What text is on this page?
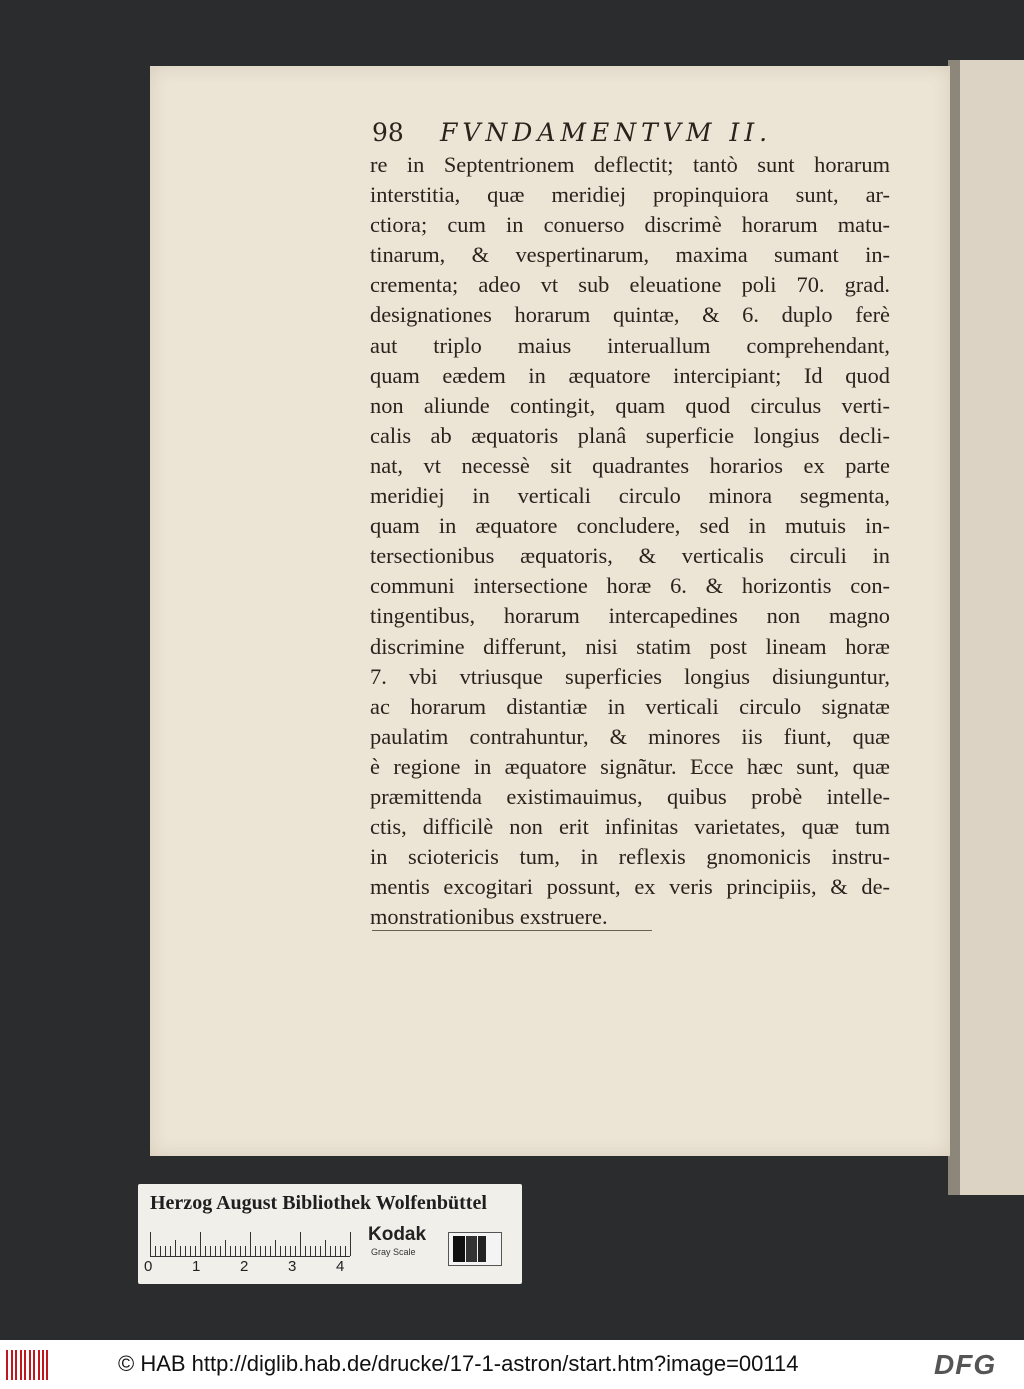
98 FVNDAMENTVM II.
re in Septentrionem deflectit; tantò sunt horarum
interstitia, quæ meridiej propinquiora sunt, ar-
ctiora; cum in conuerso discrimè horarum matu-
tinarum, & vespertinarum, maxima sumant in-
crementa; adeo vt sub eleuatione poli 70. grad.
designationes horarum quintæ, & 6. duplo ferè
aut triplo maius interuallum comprehendant,
quam eædem in æquatore intercipiant; Id quod
non aliunde contingit, quam quod circulus verti-
calis ab æquatoris planâ superficie longius decli-
nat, vt necessè sit quadrantes horarios ex parte
meridiej in verticali circulo minora segmenta,
quam in æquatore concludere, sed in mutuis in-
tersectionibus æquatoris, & verticalis circuli in
communi intersectione horæ 6. & horizontis con-
tingentibus, horarum intercapedines non magno
discrimine differunt, nisi statim post lineam horæ
7. vbi vtriusque superficies longius disiunguntur,
ac horarum distantiæ in verticali circulo signatæ
paulatim contrahuntur, & minores iis fiunt, quæ
è regione in æquatore signãtur. Ecce hæc sunt, quæ
præmittenda existimauimus, quibus probè intelle-
ctis, difficilè non erit infinitas varietates, quæ tum
in sciotericis tum, in reflexis gnomonicis instru-
mentis excogitari possunt, ex veris principiis, & de-
monstrationibus exstruere.
Herzog August Bibliothek Wolfenbüttel
0	1	2	3	4
Kodak
Gray Scale
© HAB http://diglib.hab.de/drucke/17-1-astron/start.htm?image=00114	DFG
